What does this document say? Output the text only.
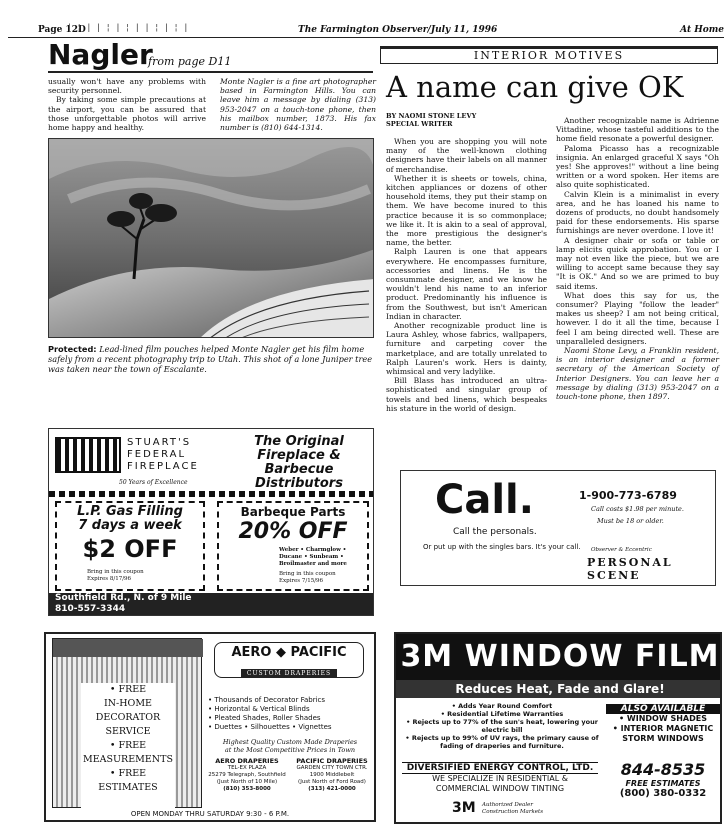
Page 12D
| ¦ | | ¦ | ¦ | | ¦ | ¦ |	The Farmington Observer/July 11, 1996	At Home
Nagler
from page D11

usually won't have any problems with security personnel.

By taking some simple precautions at the airport, you can be assured that those unforgettable photos will arrive home happy and healthy.

Monte Nagler is a fine art photographer based in Farmington Hills. You can leave him a message by dialing (313) 953-2047 on a touch-tone phone, then his mailbox number, 1873. His fax number is (810) 644-1314.
Protected: Lead-lined film pouches helped Monte Nagler get his film home safely from a recent photography trip to Utah. This shot of a lone Juniper tree was taken near the town of Escalante.
INTERIOR MOTIVES
A name can give OK
BY NAOMI STONE LEVY
SPECIAL WRITER

When you are shopping you will note many of the well-known clothing designers have their labels on all manner of merchandise.

Whether it is sheets or towels, china, kitchen appliances or dozens of other household items, they put their stamp on them. We have become inured to this practice because it is so commonplace; we like it. It is akin to a seal of approval, the more prestigious the designer's name, the better.

Ralph Lauren is one that appears everywhere. He encompasses furniture, accessories and linens. He is the consummate designer, and we know he wouldn't lend his name to an inferior product. Predominantly his influence is from the Southwest, but isn't American Indian in character.

Another recognizable product line is Laura Ashley, whose fabrics, wallpapers, furniture and carpeting cover the marketplace, and are totally unrelated to Ralph Lauren's work. Hers is dainty, whimsical and very ladylike.

Bill Blass has introduced an ultra-sophisticated and singular group of towels and bed linens, which bespeaks his stature in the world of design.

Another recognizable name is Adrienne Vittadine, whose tasteful additions to the home field resonate a powerful designer.

Paloma Picasso has a recognizable insignia. An enlarged graceful X says "Oh yes! She approves!" without a line being written or a word spoken. Her items are also quite sophisticated.

Calvin Klein is a minimalist in every area, and he has loaned his name to dozens of products, no doubt handsomely paid for these endorsements. His sparse furnishings are never overdone. I love it!

A designer chair or sofa or table or lamp elicits quick approbation. You or I may not even like the piece, but we are willing to accept same because they say "It is OK." And so we are primed to buy said items.

What does this say for us, the consumer? Playing "follow the leader" makes us sheep? I am not being critical, however. I do it all the time, because I feel I am being directed well. These are unparalleled designers.

Naomi Stone Levy, a Franklin resident, is an interior designer and a former secretary of the American Society of Interior Designers. You can leave her a message by dialing (313) 953-2047 on a touch-tone phone, then 1897.

STUART'S
FEDERAL
FIREPLACE
50 Years of Excellence
The Original
Fireplace & Barbecue
Distributors
L.P. Gas Filling
7 days a week
$2 OFF
Bring in this coupon
Expires 8/17/96
Barbeque Parts
20% OFF
Weber • Charmglow • Ducane • Sunbeam • Broilmaster and more
Bring in this coupon
Expires 7/15/96
Southfield Rd., N. of 9 Mile
810-557-3344
Call.
Call the personals.
Or put up with the singles bars. It's your call.
1-900-773-6789
Call costs $1.98 per minute.
Must be 18 or older.
Observer & Eccentric
PERSONAL SCENE
• FREE
IN-HOME
DECORATOR
SERVICE
• FREE
MEASUREMENTS
• FREE
ESTIMATES
AERO ◆ PACIFIC
CUSTOM DRAPERIES
• Thousands of Decorator Fabrics
• Horizontal & Vertical Blinds
• Pleated Shades, Roller Shades
• Duettes • Silhouettes • Vignettes
Highest Quality Custom Made Draperies
at the Most Competitive Prices in Town
AERO DRAPERIES
TEL-EX PLAZA
25279 Telegraph, Southfield
(Just North of 10 Mile)
(810) 353-8000
PACIFIC DRAPERIES
GARDEN CITY TOWN CTR.
1900 Middlebelt
(Just North of Ford Road)
(313) 421-0000
OPEN MONDAY THRU SATURDAY 9:30 - 6 P.M.
3M WINDOW FILM
Reduces Heat, Fade and Glare!
• Adds Year Round Comfort
• Residential Lifetime Warranties
• Rejects up to 77% of the sun's heat, lowering your electric bill
• Rejects up to 99% of UV rays, the primary cause of fading of draperies and furniture.
ALSO AVAILABLE
• WINDOW SHADES
• INTERIOR MAGNETIC
STORM WINDOWS
DIVERSIFIED ENERGY CONTROL, LTD.
WE SPECIALIZE IN RESIDENTIAL &
COMMERCIAL WINDOW TINTING
844-8535
FREE ESTIMATES
(800) 380-0332
3M Authorized Dealer
Construction Markets
